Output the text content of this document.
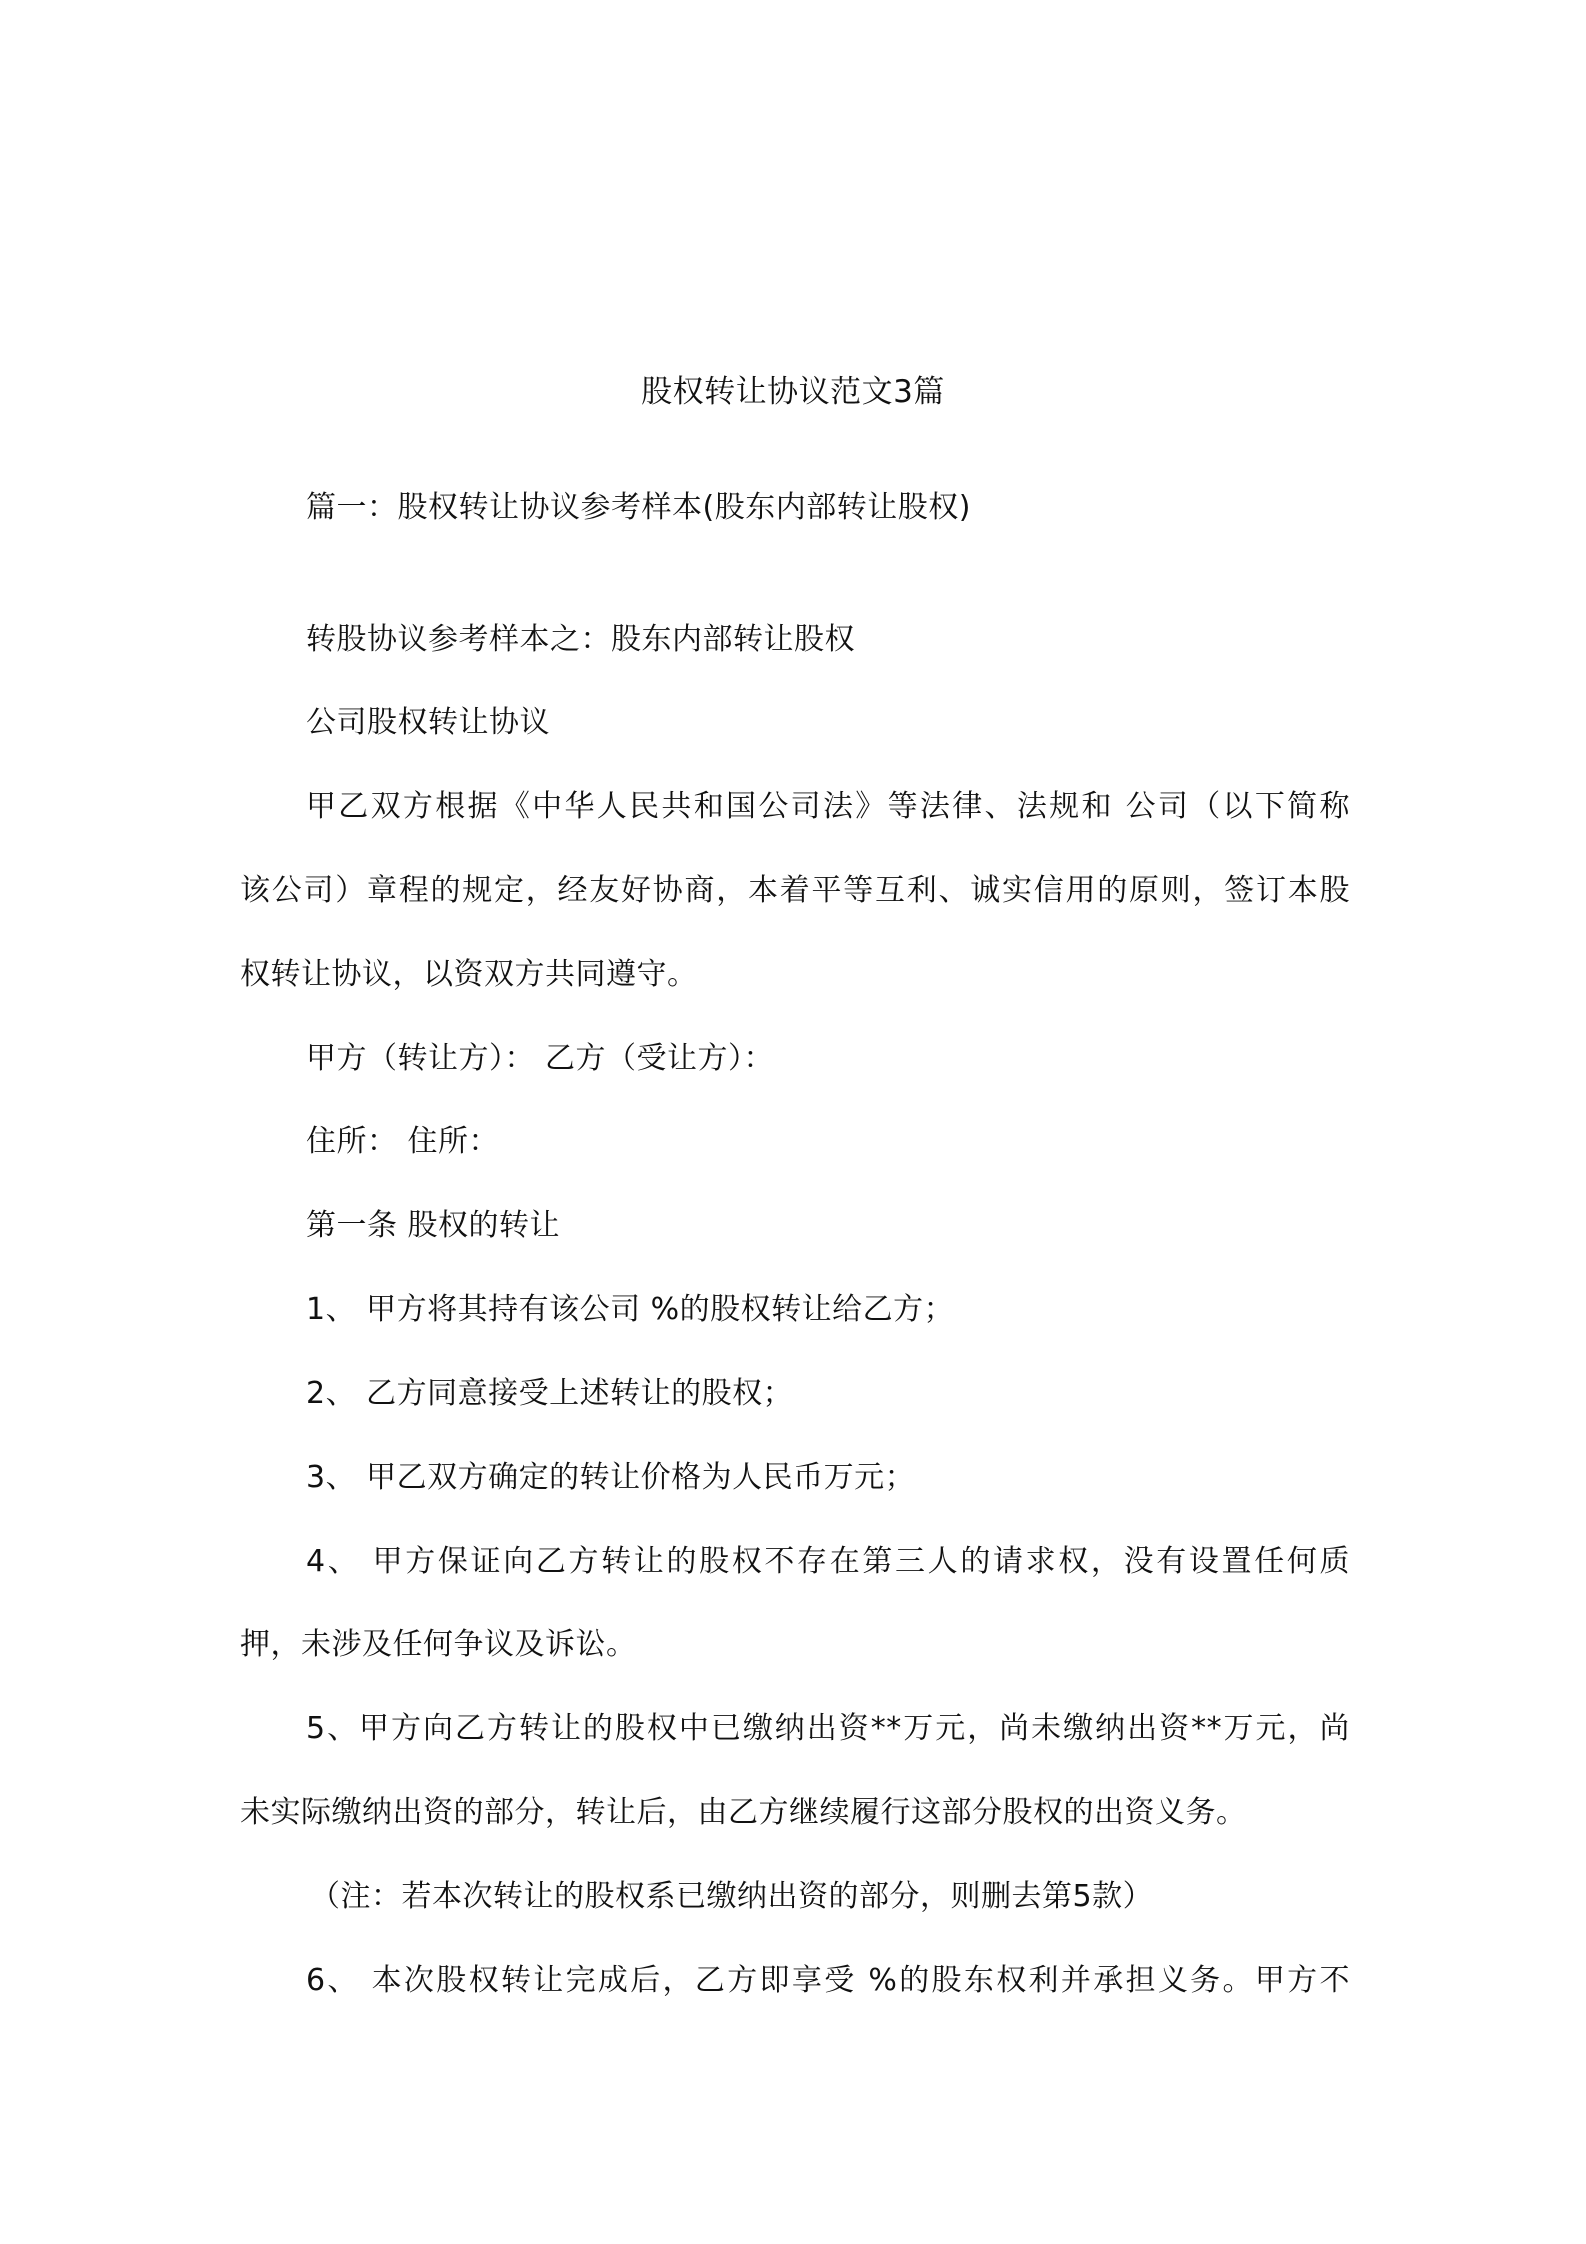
股权转让协议范文3篇
篇一：股权转让协议参考样本(股东内部转让股权)
转股协议参考样本之：股东内部转让股权
公司股权转让协议
甲乙双方根据《中华人民共和国公司法》等法律、法规和 公司（以下简称
该公司）章程的规定，经友好协商，本着平等互利、诚实信用的原则，签订本股
权转让协议，以资双方共同遵守。
甲方（转让方）： 乙方（受让方）：
住所： 住所：
第一条 股权的转让
1、 甲方将其持有该公司 %的股权转让给乙方；
2、 乙方同意接受上述转让的股权；
3、 甲乙双方确定的转让价格为人民币万元；
4、 甲方保证向乙方转让的股权不存在第三人的请求权，没有设置任何质
押，未涉及任何争议及诉讼。
5、甲方向乙方转让的股权中已缴纳出资**万元，尚未缴纳出资**万元，尚
未实际缴纳出资的部分，转让后，由乙方继续履行这部分股权的出资义务。
（注：若本次转让的股权系已缴纳出资的部分，则删去第5款）
6、 本次股权转让完成后，乙方即享受 %的股东权利并承担义务。甲方不
